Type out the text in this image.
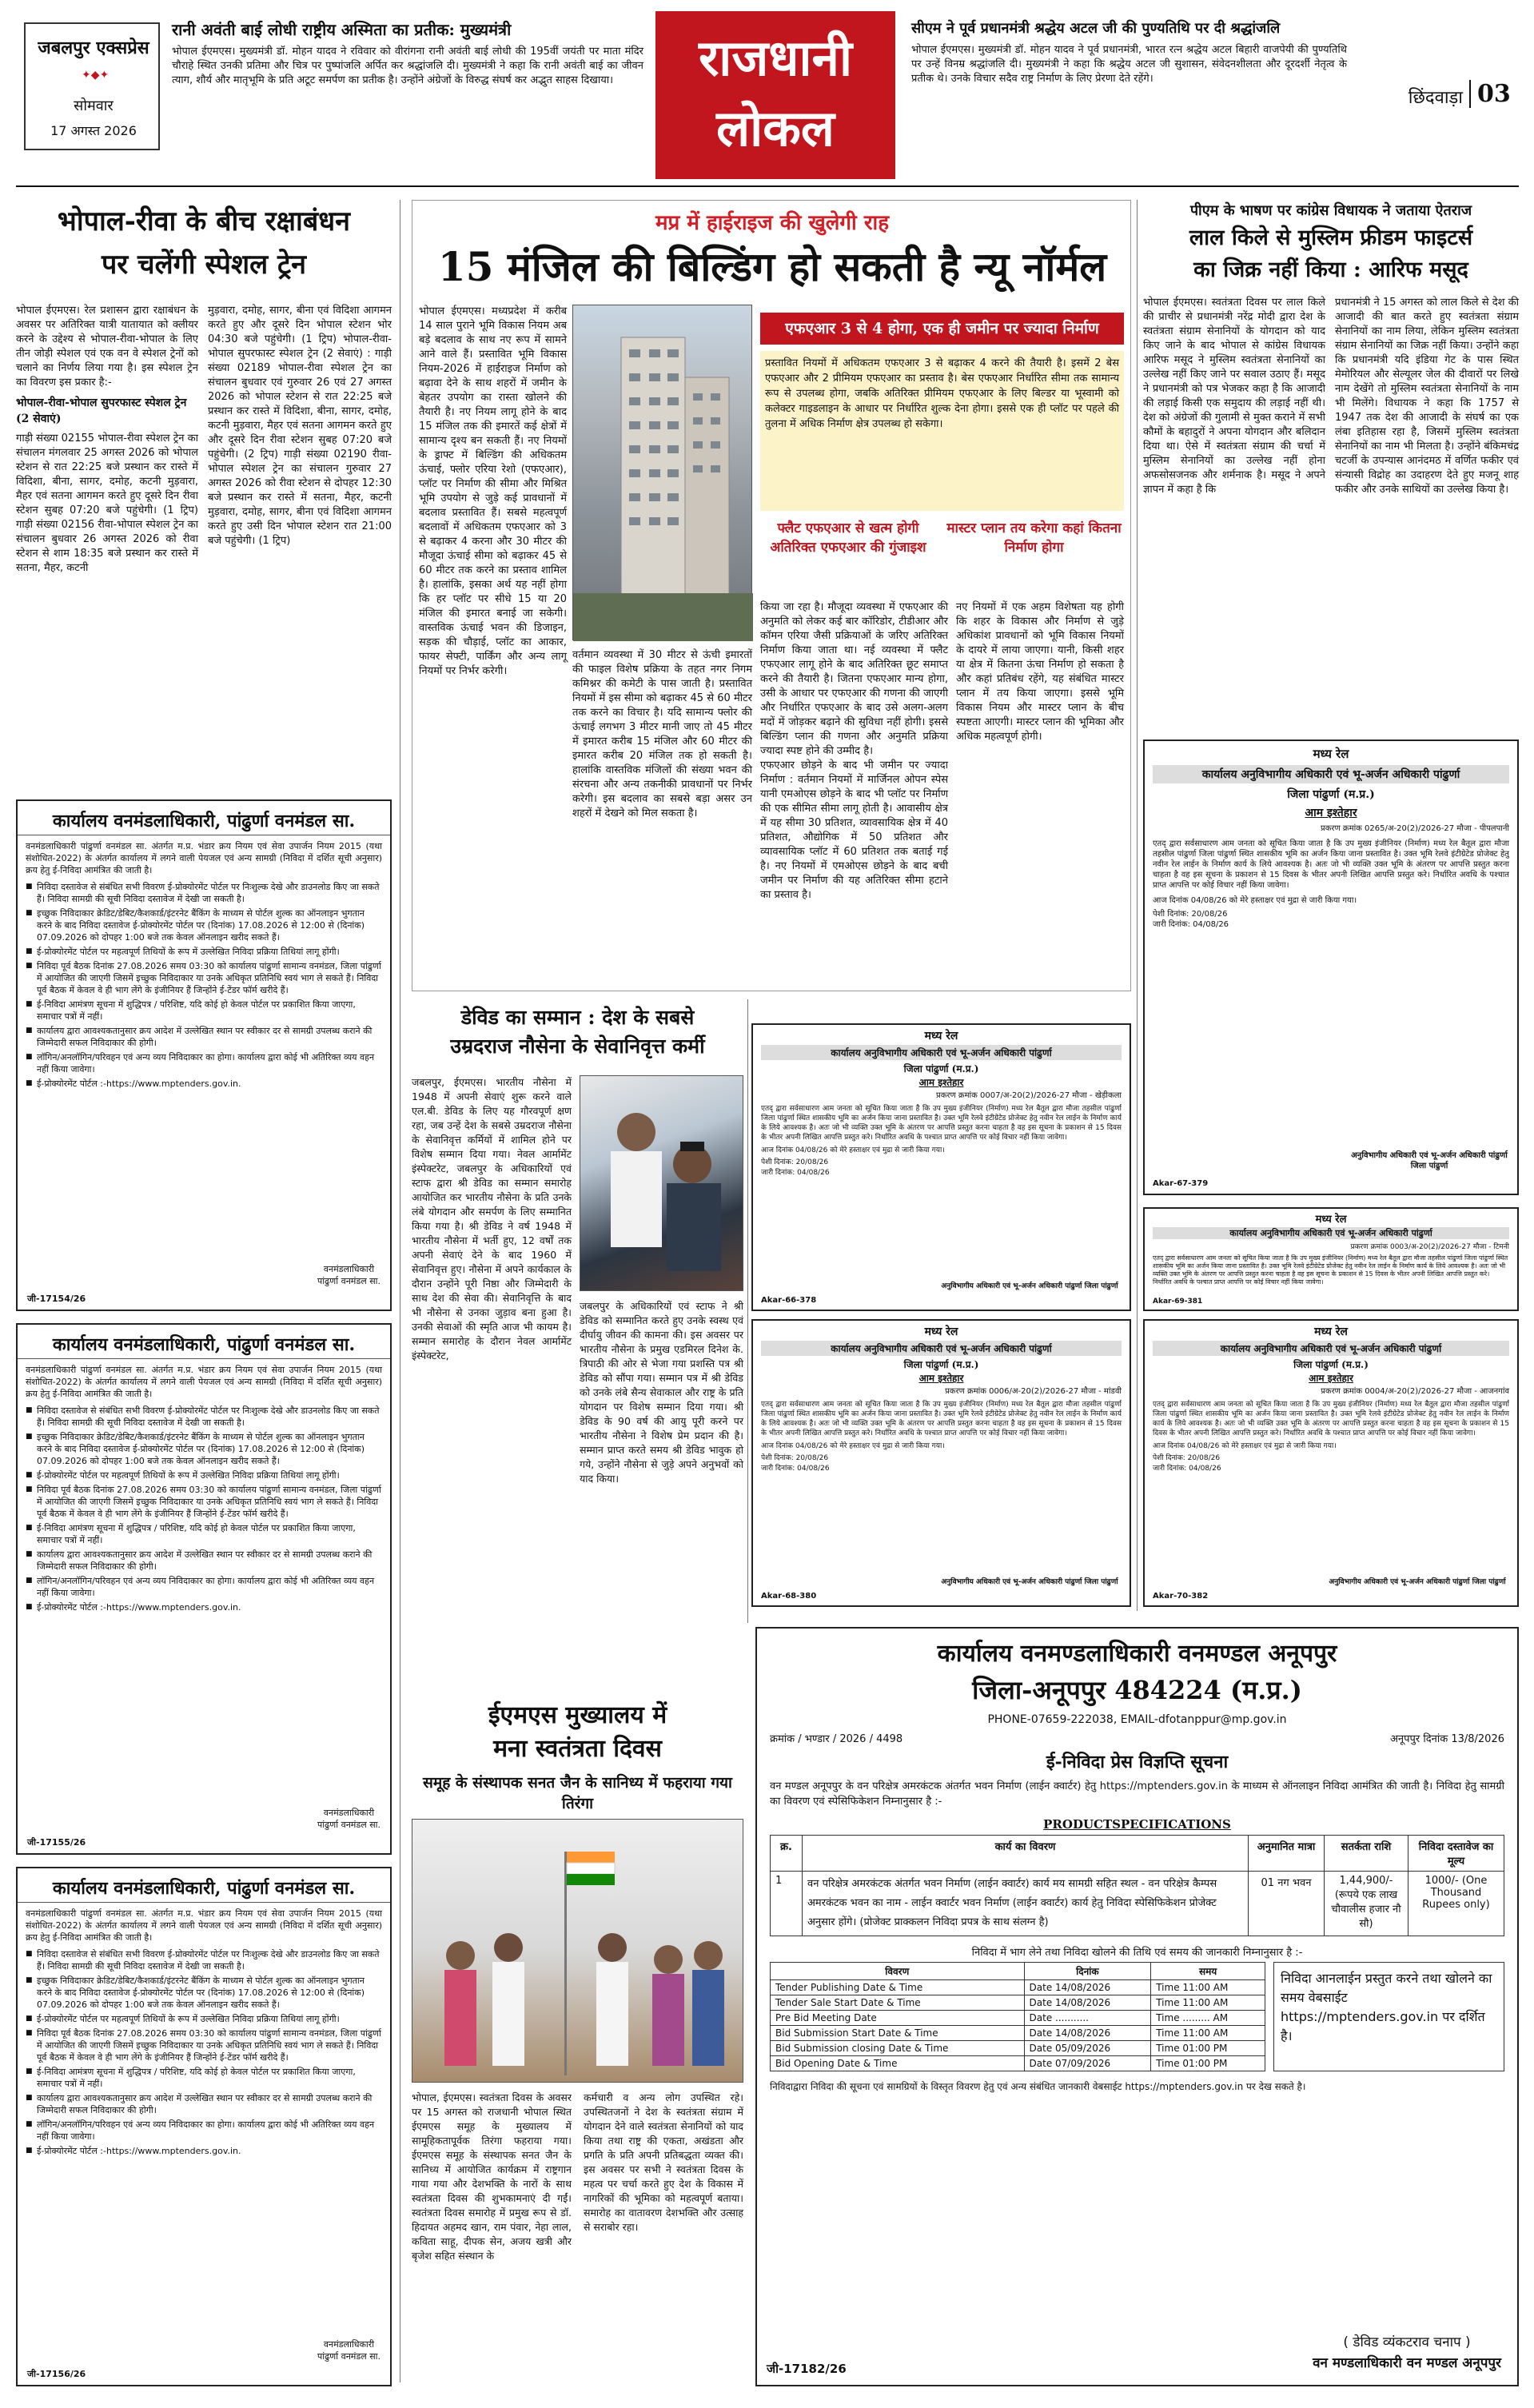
जबलपुर एक्सप्रेस
✦◆✦
सोमवार
17 अगस्त 2026
रानी अवंती बाई लोधी राष्ट्रीय अस्मिता का प्रतीक: मुख्यमंत्री
भोपाल ईएमएस। मुख्यमंत्री डॉ. मोहन यादव ने रविवार को वीरांगना रानी अवंती बाई लोधी की 195वीं जयंती पर माता मंदिर चौराहे स्थित उनकी प्रतिमा और चित्र पर पुष्पांजलि अर्पित कर श्रद्धांजलि दी। मुख्यमंत्री ने कहा कि रानी अवंती बाई का जीवन त्याग, शौर्य और मातृभूमि के प्रति अटूट समर्पण का प्रतीक है। उन्होंने अंग्रेजों के विरुद्ध संघर्ष कर अद्भुत साहस दिखाया।	राजधानी
लोकल
सीएम ने पूर्व प्रधानमंत्री श्रद्धेय अटल जी की पुण्यतिथि पर दी श्रद्धांजलि
भोपाल ईएमएस। मुख्यमंत्री डॉ. मोहन यादव ने पूर्व प्रधानमंत्री, भारत रत्न श्रद्धेय अटल बिहारी वाजपेयी की पुण्यतिथि पर उन्हें विनम्र श्रद्धांजलि दी। मुख्यमंत्री ने कहा कि श्रद्धेय अटल जी सुशासन, संवेदनशीलता और दूरदर्शी नेतृत्व के प्रतीक थे। उनके विचार सदैव राष्ट्र निर्माण के लिए प्रेरणा देते रहेंगे।
छिंदवाड़ा 03
भोपाल-रीवा के बीच रक्षाबंधन
पर चलेंगी स्पेशल ट्रेन
भोपाल ईएमएस। रेल प्रशासन द्वारा रक्षाबंधन के अवसर पर अतिरिक्त यात्री यातायात को क्लीयर करने के उद्देश्य से भोपाल-रीवा-भोपाल के लिए तीन जोड़ी स्पेशल एवं एक वन वे स्पेशल ट्रेनों को चलाने का निर्णय लिया गया है। इस स्पेशल ट्रेन का विवरण इस प्रकार है:-
भोपाल-रीवा-भोपाल सुपरफास्ट स्पेशल ट्रेन (2 सेवाएं)
गाड़ी संख्या 02155 भोपाल-रीवा स्पेशल ट्रेन का संचालन मंगलवार 25 अगस्त 2026 को भोपाल स्टेशन से रात 22:25 बजे प्रस्थान कर रास्ते में विदिशा, बीना, सागर, दमोह, कटनी मुड़वारा, मैहर एवं सतना आगमन करते हुए दूसरे दिन रीवा स्टेशन सुबह 07:20 बजे पहुंचेगी। (1 ट्रिप) गाड़ी संख्या 02156 रीवा-भोपाल स्पेशल ट्रेन का संचालन बुधवार 26 अगस्त 2026 को रीवा स्टेशन से शाम 18:35 बजे प्रस्थान कर रास्ते में सतना, मैहर, कटनी
मुड़वारा, दमोह, सागर, बीना एवं विदिशा आगमन करते हुए और दूसरे दिन भोपाल स्टेशन भोर 04:30 बजे पहुंचेगी। (1 ट्रिप) भोपाल-रीवा-भोपाल सुपरफास्ट स्पेशल ट्रेन (2 सेवाएं) : गाड़ी संख्या 02189 भोपाल-रीवा स्पेशल ट्रेन का संचालन बुधवार एवं गुरुवार 26 एवं 27 अगस्त 2026 को भोपाल स्टेशन से रात 22:25 बजे प्रस्थान कर रास्ते में विदिशा, बीना, सागर, दमोह, कटनी मुड़वारा, मैहर एवं सतना आगमन करते हुए और दूसरे दिन रीवा स्टेशन सुबह 07:20 बजे पहुंचेगी। (2 ट्रिप) गाड़ी संख्या 02190 रीवा-भोपाल स्पेशल ट्रेन का संचालन गुरुवार 27 अगस्त 2026 को रीवा स्टेशन से दोपहर 12:30 बजे प्रस्थान कर रास्ते में सतना, मैहर, कटनी मुड़वारा, दमोह, सागर, बीना एवं विदिशा आगमन करते हुए उसी दिन भोपाल स्टेशन रात 21:00 बजे पहुंचेगी। (1 ट्रिप)
कार्यालय वनमंडलाधिकारी, पांढुर्णा वनमंडल सा.
वनमंडलाधिकारी पांढुर्णा वनमंडल सा. अंतर्गत म.प्र. भंडार क्रय नियम एवं सेवा उपार्जन नियम 2015 (यथा संशोधित-2022) के अंतर्गत कार्यालय में लगने वाली पेयजल एवं अन्य सामग्री (निविदा में दर्शित सूची अनुसार) क्रय हेतु ई-निविदा आमंत्रित की जाती है।
■ निविदा दस्तावेज से संबंधित सभी विवरण ई-प्रोक्योरमेंट पोर्टल पर निःशुल्क देखे और डाउनलोड किए जा सकते हैं। निविदा सामग्री की सूची निविदा दस्तावेज में देखी जा सकती है।
■ इच्छुक निविदाकार क्रेडिट/डेबिट/कैशकार्ड/इंटरनेट बैंकिंग के माध्यम से पोर्टल शुल्क का ऑनलाइन भुगतान करने के बाद निविदा दस्तावेज ई-प्रोक्योरमेंट पोर्टल पर (दिनांक) 17.08.2026 से 12:00 से (दिनांक) 07.09.2026 को दोपहर 1:00 बजे तक केवल ऑनलाइन खरीद सकते हैं।
■ ई-प्रोक्योरमेंट पोर्टल पर महत्वपूर्ण तिथियों के रूप में उल्लेखित निविदा प्रक्रिया तिथियां लागू होंगी।
■ निविदा पूर्व बैठक दिनांक 27.08.2026 समय 03:30 को कार्यालय पांढुर्णा सामान्य वनमंडल, जिला पांढुर्णा में आयोजित की जाएगी जिसमें इच्छुक निविदाकार या उनके अधिकृत प्रतिनिधि स्वयं भाग ले सकते हैं। निविदा पूर्व बैठक में केवल वे ही भाग लेंगे के इंजीनियर हैं जिन्होंने ई-टेंडर फॉर्म खरीदे हैं।
■ ई-निविदा आमंत्रण सूचना में शुद्धिपत्र / परिशिष्ट, यदि कोई हो केवल पोर्टल पर प्रकाशित किया जाएगा, समाचार पत्रों में नहीं।
■ कार्यालय द्वारा आवश्यकतानुसार क्रय आदेश में उल्लेखित स्थान पर स्वीकार दर से सामग्री उपलब्ध कराने की जिम्मेदारी सफल निविदाकार की होगी।
■ लॉगिन/अनलॉगिन/परिवहन एवं अन्य व्यय निविदाकार का होगा। कार्यालय द्वारा कोई भी अतिरिक्त व्यय वहन नहीं किया जावेगा।
■ ई-प्रोक्योरमेंट पोर्टल :-https://www.mptenders.gov.in.
वनमंडलाधिकारी
पांढुर्णा वनमंडल सा.
जी-17154/26
कार्यालय वनमंडलाधिकारी, पांढुर्णा वनमंडल सा.
वनमंडलाधिकारी पांढुर्णा वनमंडल सा. अंतर्गत म.प्र. भंडार क्रय नियम एवं सेवा उपार्जन नियम 2015 (यथा संशोधित-2022) के अंतर्गत कार्यालय में लगने वाली पेयजल एवं अन्य सामग्री (निविदा में दर्शित सूची अनुसार) क्रय हेतु ई-निविदा आमंत्रित की जाती है।
■ निविदा दस्तावेज से संबंधित सभी विवरण ई-प्रोक्योरमेंट पोर्टल पर निःशुल्क देखे और डाउनलोड किए जा सकते हैं। निविदा सामग्री की सूची निविदा दस्तावेज में देखी जा सकती है।
■ इच्छुक निविदाकार क्रेडिट/डेबिट/कैशकार्ड/इंटरनेट बैंकिंग के माध्यम से पोर्टल शुल्क का ऑनलाइन भुगतान करने के बाद निविदा दस्तावेज ई-प्रोक्योरमेंट पोर्टल पर (दिनांक) 17.08.2026 से 12:00 से (दिनांक) 07.09.2026 को दोपहर 1:00 बजे तक केवल ऑनलाइन खरीद सकते हैं।
■ ई-प्रोक्योरमेंट पोर्टल पर महत्वपूर्ण तिथियों के रूप में उल्लेखित निविदा प्रक्रिया तिथियां लागू होंगी।
■ निविदा पूर्व बैठक दिनांक 27.08.2026 समय 03:30 को कार्यालय पांढुर्णा सामान्य वनमंडल, जिला पांढुर्णा में आयोजित की जाएगी जिसमें इच्छुक निविदाकार या उनके अधिकृत प्रतिनिधि स्वयं भाग ले सकते हैं। निविदा पूर्व बैठक में केवल वे ही भाग लेंगे के इंजीनियर हैं जिन्होंने ई-टेंडर फॉर्म खरीदे हैं।
■ ई-निविदा आमंत्रण सूचना में शुद्धिपत्र / परिशिष्ट, यदि कोई हो केवल पोर्टल पर प्रकाशित किया जाएगा, समाचार पत्रों में नहीं।
■ कार्यालय द्वारा आवश्यकतानुसार क्रय आदेश में उल्लेखित स्थान पर स्वीकार दर से सामग्री उपलब्ध कराने की जिम्मेदारी सफल निविदाकार की होगी।
■ लॉगिन/अनलॉगिन/परिवहन एवं अन्य व्यय निविदाकार का होगा। कार्यालय द्वारा कोई भी अतिरिक्त व्यय वहन नहीं किया जावेगा।
■ ई-प्रोक्योरमेंट पोर्टल :-https://www.mptenders.gov.in.
वनमंडलाधिकारी
पांढुर्णा वनमंडल सा.
जी-17155/26
कार्यालय वनमंडलाधिकारी, पांढुर्णा वनमंडल सा.
वनमंडलाधिकारी पांढुर्णा वनमंडल सा. अंतर्गत म.प्र. भंडार क्रय नियम एवं सेवा उपार्जन नियम 2015 (यथा संशोधित-2022) के अंतर्गत कार्यालय में लगने वाली पेयजल एवं अन्य सामग्री (निविदा में दर्शित सूची अनुसार) क्रय हेतु ई-निविदा आमंत्रित की जाती है।
■ निविदा दस्तावेज से संबंधित सभी विवरण ई-प्रोक्योरमेंट पोर्टल पर निःशुल्क देखे और डाउनलोड किए जा सकते हैं। निविदा सामग्री की सूची निविदा दस्तावेज में देखी जा सकती है।
■ इच्छुक निविदाकार क्रेडिट/डेबिट/कैशकार्ड/इंटरनेट बैंकिंग के माध्यम से पोर्टल शुल्क का ऑनलाइन भुगतान करने के बाद निविदा दस्तावेज ई-प्रोक्योरमेंट पोर्टल पर (दिनांक) 17.08.2026 से 12:00 से (दिनांक) 07.09.2026 को दोपहर 1:00 बजे तक केवल ऑनलाइन खरीद सकते हैं।
■ ई-प्रोक्योरमेंट पोर्टल पर महत्वपूर्ण तिथियों के रूप में उल्लेखित निविदा प्रक्रिया तिथियां लागू होंगी।
■ निविदा पूर्व बैठक दिनांक 27.08.2026 समय 03:30 को कार्यालय पांढुर्णा सामान्य वनमंडल, जिला पांढुर्णा में आयोजित की जाएगी जिसमें इच्छुक निविदाकार या उनके अधिकृत प्रतिनिधि स्वयं भाग ले सकते हैं। निविदा पूर्व बैठक में केवल वे ही भाग लेंगे के इंजीनियर हैं जिन्होंने ई-टेंडर फॉर्म खरीदे हैं।
■ ई-निविदा आमंत्रण सूचना में शुद्धिपत्र / परिशिष्ट, यदि कोई हो केवल पोर्टल पर प्रकाशित किया जाएगा, समाचार पत्रों में नहीं।
■ कार्यालय द्वारा आवश्यकतानुसार क्रय आदेश में उल्लेखित स्थान पर स्वीकार दर से सामग्री उपलब्ध कराने की जिम्मेदारी सफल निविदाकार की होगी।
■ लॉगिन/अनलॉगिन/परिवहन एवं अन्य व्यय निविदाकार का होगा। कार्यालय द्वारा कोई भी अतिरिक्त व्यय वहन नहीं किया जावेगा।
■ ई-प्रोक्योरमेंट पोर्टल :-https://www.mptenders.gov.in.
वनमंडलाधिकारी
पांढुर्णा वनमंडल सा.
जी-17156/26
मप्र में हाईराइज की खुलेगी राह
15 मंजिल की बिल्डिंग हो सकती है न्यू नॉर्मल
एफएआर 3 से 4 होगा, एक ही जमीन पर ज्यादा निर्माण
प्रस्तावित नियमों में अधिकतम एफएआर 3 से बढ़ाकर 4 करने की तैयारी है। इसमें 2 बेस एफएआर और 2 प्रीमियम एफएआर का प्रस्ताव है। बेस एफएआर निर्धारित सीमा तक सामान्य रूप से उपलब्ध होगा, जबकि अतिरिक्त प्रीमियम एफएआर के लिए बिल्डर या भूस्वामी को कलेक्टर गाइडलाइन के आधार पर निर्धारित शुल्क देना होगा। इससे एक ही प्लॉट पर पहले की तुलना में अधिक निर्माण क्षेत्र उपलब्ध हो सकेगा।
फ्लैट एफएआर से खत्म होगी अतिरिक्त एफएआर की गुंजाइश
मास्टर प्लान तय करेगा कहां कितना निर्माण होगा
भोपाल ईएमएस। मध्यप्रदेश में करीब 14 साल पुराने भूमि विकास नियम अब बड़े बदलाव के साथ नए रूप में सामने आने वाले हैं। प्रस्तावित भूमि विकास नियम-2026 में हाईराइज निर्माण को बढ़ावा देने के साथ शहरों में जमीन के बेहतर उपयोग का रास्ता खोलने की तैयारी है। नए नियम लागू होने के बाद 15 मंजिल तक की इमारतें कई क्षेत्रों में सामान्य दृश्य बन सकती हैं। नए नियमों के ड्राफ्ट में बिल्डिंग की अधिकतम ऊंचाई, फ्लोर एरिया रेशो (एफएआर), प्लॉट पर निर्माण की सीमा और मिश्रित भूमि उपयोग से जुड़े कई प्रावधानों में बदलाव प्रस्तावित हैं। सबसे महत्वपूर्ण बदलावों में अधिकतम एफएआर को 3 से बढ़ाकर 4 करना और 30 मीटर की मौजूदा ऊंचाई सीमा को बढ़ाकर 45 से 60 मीटर तक करने का प्रस्ताव शामिल है। हालांकि, इसका अर्थ यह नहीं होगा कि हर प्लॉट पर सीधे 15 या 20 मंजिल की इमारत बनाई जा सकेगी। वास्तविक ऊंचाई भवन की डिजाइन, सड़क की चौड़ाई, प्लॉट का आकार, फायर सेफ्टी, पार्किंग और अन्य लागू नियमों पर निर्भर करेगी।
वर्तमान व्यवस्था में 30 मीटर से ऊंची इमारतों की फाइल विशेष प्रक्रिया के तहत नगर निगम कमिश्नर की कमेटी के पास जाती है। प्रस्तावित नियमों में इस सीमा को बढ़ाकर 45 से 60 मीटर तक करने का विचार है। यदि सामान्य फ्लोर की ऊंचाई लगभग 3 मीटर मानी जाए तो 45 मीटर में इमारत करीब 15 मंजिल और 60 मीटर की इमारत करीब 20 मंजिल तक हो सकती है। हालांकि वास्तविक मंजिलों की संख्या भवन की संरचना और अन्य तकनीकी प्रावधानों पर निर्भर करेगी। इस बदलाव का सबसे बड़ा असर उन शहरों में देखने को मिल सकता है।
किया जा रहा है। मौजूदा व्यवस्था में एफएआर की अनुमति को लेकर कई बार कॉरिडोर, टीडीआर और कॉमन एरिया जैसी प्रक्रियाओं के जरिए अतिरिक्त निर्माण किया जाता था। नई व्यवस्था में फ्लैट एफएआर लागू होने के बाद अतिरिक्त छूट समाप्त करने की तैयारी है। जितना एफएआर मान्य होगा, उसी के आधार पर एफएआर की गणना की जाएगी और निर्धारित एफएआर के बाद उसे अलग-अलग मदों में जोड़कर बढ़ाने की सुविधा नहीं होगी। इससे बिल्डिंग प्लान की गणना और अनुमति प्रक्रिया ज्यादा स्पष्ट होने की उम्मीद है।
एफएआर छोड़ने के बाद भी जमीन पर ज्यादा निर्माण : वर्तमान नियमों में मार्जिनल ओपन स्पेस यानी एमओएस छोड़ने के बाद भी प्लॉट पर निर्माण की एक सीमित सीमा लागू होती है। आवासीय क्षेत्र में यह सीमा 30 प्रतिशत, व्यावसायिक क्षेत्र में 40 प्रतिशत, औद्योगिक में 50 प्रतिशत और व्यावसायिक प्लॉट में 60 प्रतिशत तक बताई गई है। नए नियमों में एमओएस छोड़ने के बाद बची जमीन पर निर्माण की यह अतिरिक्त सीमा हटाने का प्रस्ताव है।
नए नियमों में एक अहम विशेषता यह होगी कि शहर के विकास और निर्माण से जुड़े अधिकांश प्रावधानों को भूमि विकास नियमों के दायरे में लाया जाएगा। यानी, किसी शहर या क्षेत्र में कितना ऊंचा निर्माण हो सकता है और कहां प्रतिबंध रहेंगे, यह संबंधित मास्टर प्लान में तय किया जाएगा। इससे भूमि विकास नियम और मास्टर प्लान के बीच स्पष्टता आएगी। मास्टर प्लान की भूमिका और अधिक महत्वपूर्ण होगी।
पीएम के भाषण पर कांग्रेस विधायक ने जताया ऐतराज
लाल किले से मुस्लिम फ्रीडम फाइटर्स
का जिक्र नहीं किया : आरिफ मसूद
भोपाल ईएमएस। स्वतंत्रता दिवस पर लाल किले की प्राचीर से प्रधानमंत्री नरेंद्र मोदी द्वारा देश के स्वतंत्रता संग्राम सेनानियों के योगदान को याद किए जाने के बाद भोपाल से कांग्रेस विधायक आरिफ मसूद ने मुस्लिम स्वतंत्रता सेनानियों का उल्लेख नहीं किए जाने पर सवाल उठाए हैं। मसूद ने प्रधानमंत्री को पत्र भेजकर कहा है कि आजादी की लड़ाई किसी एक समुदाय की लड़ाई नहीं थी। देश को अंग्रेजों की गुलामी से मुक्त कराने में सभी कौमों के बहादुरों ने अपना योगदान और बलिदान दिया था। ऐसे में स्वतंत्रता संग्राम की चर्चा में मुस्लिम सेनानियों का उल्लेख नहीं होना अफसोसजनक और शर्मनाक है। मसूद ने अपने ज्ञापन में कहा है कि
प्रधानमंत्री ने 15 अगस्त को लाल किले से देश की आजादी की बात करते हुए स्वतंत्रता संग्राम सेनानियों का नाम लिया, लेकिन मुस्लिम स्वतंत्रता संग्राम सेनानियों का जिक्र नहीं किया। उन्होंने कहा कि प्रधानमंत्री यदि इंडिया गेट के पास स्थित मेमोरियल और सेल्यूलर जेल की दीवारों पर लिखे नाम देखेंगे तो मुस्लिम स्वतंत्रता सेनानियों के नाम भी मिलेंगे। विधायक ने कहा कि 1757 से 1947 तक देश की आजादी के संघर्ष का एक लंबा इतिहास रहा है, जिसमें मुस्लिम स्वतंत्रता सेनानियों का नाम भी मिलता है। उन्होंने बंकिमचंद्र चटर्जी के उपन्यास आनंदमठ में वर्णित फकीर एवं संन्यासी विद्रोह का उदाहरण देते हुए मजनू शाह फकीर और उनके साथियों का उल्लेख किया है।
मध्य रेल
कार्यालय अनुविभागीय अधिकारी एवं भू-अर्जन अधिकारी पांढुर्णा
जिला पांढुर्णा (म.प्र.)
आम इश्तेहार
प्रकरण क्रमांक 0265/अ-20(2)/2026-27 मौजा - पीपलपानी
एतद् द्वारा सर्वसाधारण आम जनता को सूचित किया जाता है कि उप मुख्य इंजीनियर (निर्माण) मध्य रेल बैतूल द्वारा मौजा तहसील पांढुर्णा जिला पांढुर्णा स्थित शासकीय भूमि का अर्जन किया जाना प्रस्तावित है। उक्त भूमि रेलवे इंटीग्रेटेड प्रोजेक्ट हेतु नवीन रेल लाईन के निर्माण कार्य के लिये आवश्यक है। अतः जो भी व्यक्ति उक्त भूमि के अंतरण पर आपत्ति प्रस्तुत करना चाहता है वह इस सूचना के प्रकाशन से 15 दिवस के भीतर अपनी लिखित आपत्ति प्रस्तुत करे। निर्धारित अवधि के पश्चात प्राप्त आपत्ति पर कोई विचार नहीं किया जावेगा।
आज दिनांक 04/08/26 को मेरे हस्ताक्षर एवं मुद्रा से जारी किया गया।
पेशी दिनांक: 20/08/26
जारी दिनांक: 04/08/26
अनुविभागीय अधिकारी एवं भू-अर्जन अधिकारी पांढुर्णा जिला पांढुर्णा
Akar-67-379
मध्य रेल
कार्यालय अनुविभागीय अधिकारी एवं भू-अर्जन अधिकारी पांढुर्णा
जिला पांढुर्णा (म.प्र.)
आम इश्तेहार
प्रकरण क्रमांक 0007/अ-20(2)/2026-27 मौजा - खेड़ीकला
एतद् द्वारा सर्वसाधारण आम जनता को सूचित किया जाता है कि उप मुख्य इंजीनियर (निर्माण) मध्य रेल बैतूल द्वारा मौजा तहसील पांढुर्णा जिला पांढुर्णा स्थित शासकीय भूमि का अर्जन किया जाना प्रस्तावित है। उक्त भूमि रेलवे इंटीग्रेटेड प्रोजेक्ट हेतु नवीन रेल लाईन के निर्माण कार्य के लिये आवश्यक है। अतः जो भी व्यक्ति उक्त भूमि के अंतरण पर आपत्ति प्रस्तुत करना चाहता है वह इस सूचना के प्रकाशन से 15 दिवस के भीतर अपनी लिखित आपत्ति प्रस्तुत करे। निर्धारित अवधि के पश्चात प्राप्त आपत्ति पर कोई विचार नहीं किया जावेगा।
आज दिनांक 04/08/26 को मेरे हस्ताक्षर एवं मुद्रा से जारी किया गया।
पेशी दिनांक: 20/08/26
जारी दिनांक: 04/08/26
अनुविभागीय अधिकारी एवं भू-अर्जन अधिकारी पांढुर्णा जिला पांढुर्णा
Akar-66-378
मध्य रेल
कार्यालय अनुविभागीय अधिकारी एवं भू-अर्जन अधिकारी पांढुर्णा
प्रकरण क्रमांक 0003/अ-20(2)/2026-27 मौजा - टिमनी
एतद् द्वारा सर्वसाधारण आम जनता को सूचित किया जाता है कि उप मुख्य इंजीनियर (निर्माण) मध्य रेल बैतूल द्वारा मौजा तहसील पांढुर्णा जिला पांढुर्णा स्थित शासकीय भूमि का अर्जन किया जाना प्रस्तावित है। उक्त भूमि रेलवे इंटीग्रेटेड प्रोजेक्ट हेतु नवीन रेल लाईन के निर्माण कार्य के लिये आवश्यक है। अतः जो भी व्यक्ति उक्त भूमि के अंतरण पर आपत्ति प्रस्तुत करना चाहता है वह इस सूचना के प्रकाशन से 15 दिवस के भीतर अपनी लिखित आपत्ति प्रस्तुत करे। निर्धारित अवधि के पश्चात प्राप्त आपत्ति पर कोई विचार नहीं किया जावेगा।
Akar-69-381
मध्य रेल
कार्यालय अनुविभागीय अधिकारी एवं भू-अर्जन अधिकारी पांढुर्णा
जिला पांढुर्णा (म.प्र.)
आम इश्तेहार
प्रकरण क्रमांक 0006/अ-20(2)/2026-27 मौजा - मांडवी
एतद् द्वारा सर्वसाधारण आम जनता को सूचित किया जाता है कि उप मुख्य इंजीनियर (निर्माण) मध्य रेल बैतूल द्वारा मौजा तहसील पांढुर्णा जिला पांढुर्णा स्थित शासकीय भूमि का अर्जन किया जाना प्रस्तावित है। उक्त भूमि रेलवे इंटीग्रेटेड प्रोजेक्ट हेतु नवीन रेल लाईन के निर्माण कार्य के लिये आवश्यक है। अतः जो भी व्यक्ति उक्त भूमि के अंतरण पर आपत्ति प्रस्तुत करना चाहता है वह इस सूचना के प्रकाशन से 15 दिवस के भीतर अपनी लिखित आपत्ति प्रस्तुत करे। निर्धारित अवधि के पश्चात प्राप्त आपत्ति पर कोई विचार नहीं किया जावेगा।
आज दिनांक 04/08/26 को मेरे हस्ताक्षर एवं मुद्रा से जारी किया गया।
पेशी दिनांक: 20/08/26
जारी दिनांक: 04/08/26
अनुविभागीय अधिकारी एवं भू-अर्जन अधिकारी पांढुर्णा जिला पांढुर्णा
Akar-68-380
मध्य रेल
कार्यालय अनुविभागीय अधिकारी एवं भू-अर्जन अधिकारी पांढुर्णा
जिला पांढुर्णा (म.प्र.)
आम इश्तेहार
प्रकरण क्रमांक 0004/अ-20(2)/2026-27 मौजा - आजनगांव
एतद् द्वारा सर्वसाधारण आम जनता को सूचित किया जाता है कि उप मुख्य इंजीनियर (निर्माण) मध्य रेल बैतूल द्वारा मौजा तहसील पांढुर्णा जिला पांढुर्णा स्थित शासकीय भूमि का अर्जन किया जाना प्रस्तावित है। उक्त भूमि रेलवे इंटीग्रेटेड प्रोजेक्ट हेतु नवीन रेल लाईन के निर्माण कार्य के लिये आवश्यक है। अतः जो भी व्यक्ति उक्त भूमि के अंतरण पर आपत्ति प्रस्तुत करना चाहता है वह इस सूचना के प्रकाशन से 15 दिवस के भीतर अपनी लिखित आपत्ति प्रस्तुत करे। निर्धारित अवधि के पश्चात प्राप्त आपत्ति पर कोई विचार नहीं किया जावेगा।
आज दिनांक 04/08/26 को मेरे हस्ताक्षर एवं मुद्रा से जारी किया गया।
पेशी दिनांक: 20/08/26
जारी दिनांक: 04/08/26
अनुविभागीय अधिकारी एवं भू-अर्जन अधिकारी पांढुर्णा जिला पांढुर्णा
Akar-70-382
डेविड का सम्मान : देश के सबसे
उम्रदराज नौसेना के सेवानिवृत्त कर्मी
जबलपुर, ईएमएस। भारतीय नौसेना में 1948 में अपनी सेवाएं शुरू करने वाले एल.बी. डेविड के लिए यह गौरवपूर्ण क्षण रहा, जब उन्हें देश के सबसे उम्रदराज नौसेना के सेवानिवृत्त कर्मियों में शामिल होने पर विशेष सम्मान दिया गया। नेवल आर्मामेंट इंस्पेक्टरेट, जबलपुर के अधिकारियों एवं स्टाफ द्वारा श्री डेविड का सम्मान समारोह आयोजित कर भारतीय नौसेना के प्रति उनके लंबे योगदान और समर्पण के लिए सम्मानित किया गया है। श्री डेविड ने वर्ष 1948 में भारतीय नौसेना में भर्ती हुए, 12 वर्षों तक अपनी सेवाएं देने के बाद 1960 में सेवानिवृत्त हुए। नौसेना में अपने कार्यकाल के दौरान उन्होंने पूरी निष्ठा और जिम्मेदारी के साथ देश की सेवा की। सेवानिवृत्ति के बाद भी नौसेना से उनका जुड़ाव बना हुआ है। उनकी सेवाओं की स्मृति आज भी कायम है। सम्मान समारोह के दौरान नेवल आर्मामेंट इंस्पेक्टरेट,
जबलपुर के अधिकारियों एवं स्टाफ ने श्री डेविड को सम्मानित करते हुए उनके स्वस्थ एवं दीर्घायु जीवन की कामना की। इस अवसर पर भारतीय नौसेना के प्रमुख एडमिरल दिनेश के. त्रिपाठी की ओर से भेजा गया प्रशस्ति पत्र श्री डेविड को सौंपा गया। सम्मान पत्र में श्री डेविड को उनके लंबे सैन्य सेवाकाल और राष्ट्र के प्रति योगदान पर विशेष सम्मान दिया गया। श्री डेविड के 90 वर्ष की आयु पूरी करने पर भारतीय नौसेना ने विशेष प्रेम प्रदान की है। सम्मान प्राप्त करते समय श्री डेविड भावुक हो गये, उन्होंने नौसेना से जुड़े अपने अनुभवों को याद किया।
ईएमएस मुख्यालय में
मना स्वतंत्रता दिवस
समूह के संस्थापक सनत जैन के सानिध्य में फहराया गया तिरंगा
भोपाल, ईएमएस। स्वतंत्रता दिवस के अवसर पर 15 अगस्त को राजधानी भोपाल स्थित ईएमएस समूह के मुख्यालय में सामूहिकतापूर्वक तिरंगा फहराया गया। ईएमएस समूह के संस्थापक सनत जैन के सानिध्य में आयोजित कार्यक्रम में राष्ट्रगान गाया गया और देशभक्ति के नारों के साथ स्वतंत्रता दिवस की शुभकामनाएं दी गईं। स्वतंत्रता दिवस समारोह में प्रमुख रूप से डॉ. हिदायत अहमद खान, राम पंवार, नेहा लाल, कविता साहू, दीपक सेन, अजय खत्री और बृजेश सहित संस्थान के
कर्मचारी व अन्य लोग उपस्थित रहे। उपस्थितजनों ने देश के स्वतंत्रता संग्राम में योगदान देने वाले स्वतंत्रता सेनानियों को याद किया तथा राष्ट्र की एकता, अखंडता और प्रगति के प्रति अपनी प्रतिबद्धता व्यक्त की। इस अवसर पर सभी ने स्वतंत्रता दिवस के महत्व पर चर्चा करते हुए देश के विकास में नागरिकों की भूमिका को महत्वपूर्ण बताया। समारोह का वातावरण देशभक्ति और उत्साह से सराबोर रहा।
कार्यालय वनमण्डलाधिकारी वनमण्डल अनूपपुर
जिला-अनूपपुर 484224 (म.प्र.)
PHONE-07659-222038, EMAIL-dfotanppur@mp.gov.in
क्रमांक / भण्डार / 2026 / 4498	अनूपपुर दिनांक 13/8/2026
ई-निविदा प्रेस विज्ञप्ति सूचना
वन मण्डल अनूपपुर के वन परिक्षेत्र अमरकंटक अंतर्गत भवन निर्माण (लाईन क्वार्टर) हेतु https://mptenders.gov.in के माध्यम से ऑनलाइन निविदा आमंत्रित की जाती है। निविदा हेतु सामग्री का विवरण एवं स्पेसिफिकेशन निम्नानुसार है :-
PRODUCTSPECIFICATIONS
क्र.	कार्य का विवरण	अनुमानित मात्रा	सतर्कता राशि	निविदा दस्तावेज का मूल्य
1	वन परिक्षेत्र अमरकंटक अंतर्गत भवन निर्माण (लाईन क्वार्टर) कार्य मय सामग्री सहित स्थल - वन परिक्षेत्र कैम्पस अमरकंटक भवन का नाम - लाईन क्वार्टर भवन निर्माण (लाईन क्वार्टर) कार्य हेतु निविदा स्पेसिफिकेशन प्रोजेक्ट अनुसार होंगे। (प्रोजेक्ट प्राक्कलन निविदा प्रपत्र के साथ संलग्न है)	01 नग भवन	1,44,900/- (रूपये एक लाख चौवालीस हजार नौ सौ)	1000/- (One Thousand Rupees only)
निविदा में भाग लेने तथा निविदा खोलने की तिथि एवं समय की जानकारी निम्नानुसार है :-
विवरण	दिनांक	समय
Tender Publishing Date & Time	Date 14/08/2026	Time 11:00 AM
Tender Sale Start Date & Time	Date 14/08/2026	Time 11:00 AM
Pre Bid Meeting Date	Date ...........	Time ......... AM
Bid Submission Start Date & Time	Date 14/08/2026	Time 11:00 AM
Bid Submission closing Date & Time	Date 05/09/2026	Time 01:00 PM
Bid Opening Date & Time	Date 07/09/2026	Time 01:00 PM
निविदा आनलाईन प्रस्तुत करने तथा खोलने का समय वेबसाईट https://mptenders.gov.in पर दर्शित है।
निविदाद्वारा निविदा की सूचना एवं सामग्रियों के विस्तृत विवरण हेतु एवं अन्य संबंधित जानकारी वेबसाईट https://mptenders.gov.in पर देख सकते है।
( डेविड व्यंकटराव चनाप )
वन मण्डलाधिकारी वन मण्डल अनूपपुर
जी-17182/26
